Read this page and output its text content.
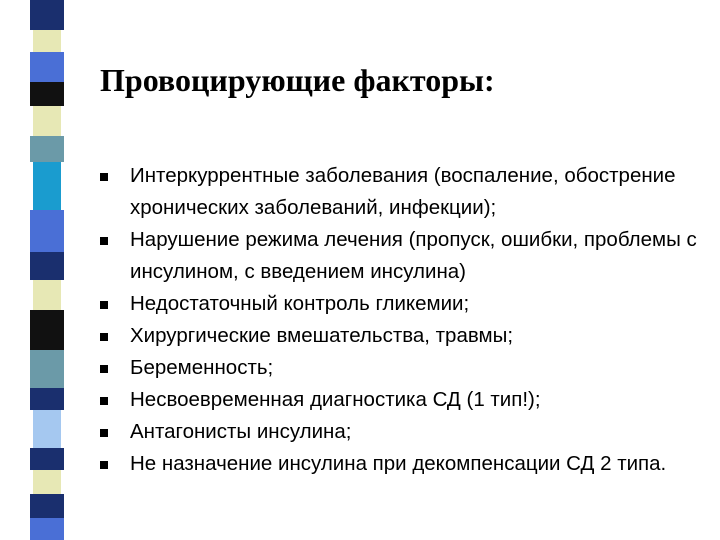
Провоцирующие факторы:
Интеркуррентные заболевания (воспаление, обострение хронических заболеваний, инфекции);
Нарушение режима лечения (пропуск, ошибки, проблемы с инсулином, с введением инсулина)
Недостаточный контроль гликемии;
Хирургические вмешательства, травмы;
Беременность;
Несвоевременная диагностика СД (1 тип!);
Антагонисты инсулина;
Не назначение инсулина при декомпенсации СД 2 типа.
